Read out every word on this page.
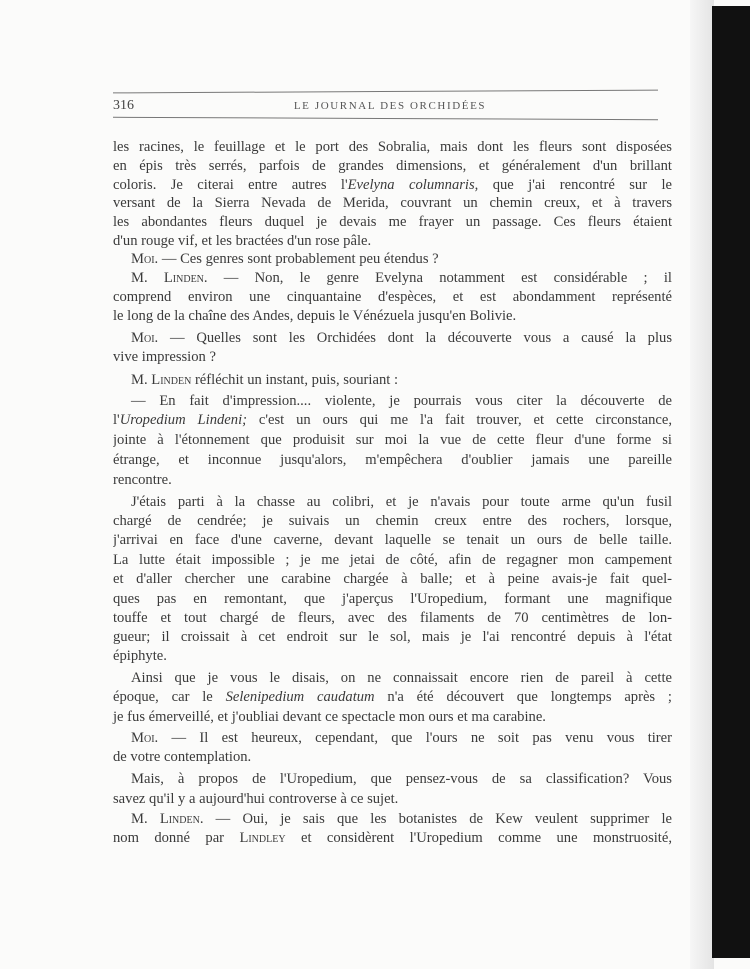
316	LE JOURNAL DES ORCHIDÉES
les racines, le feuillage et le port des Sobralia, mais dont les fleurs sont disposées
en épis très serrés, parfois de grandes dimensions, et généralement d'un brillant
coloris. Je citerai entre autres l'Evelyna columnaris, que j'ai rencontré sur le
versant de la Sierra Nevada de Merida, couvrant un chemin creux, et à travers
les abondantes fleurs duquel je devais me frayer un passage. Ces fleurs étaient
d'un rouge vif, et les bractées d'un rose pâle.
Moi. — Ces genres sont probablement peu étendus ?
M. Linden. — Non, le genre Evelyna notamment est considérable ; il
comprend environ une cinquantaine d'espèces, et est abondamment représenté
le long de la chaîne des Andes, depuis le Vénézuela jusqu'en Bolivie.
Moi. — Quelles sont les Orchidées dont la découverte vous a causé la plus
vive impression ?
M. Linden réfléchit un instant, puis, souriant :
— En fait d'impression.... violente, je pourrais vous citer la découverte de
l'Uropedium Lindeni; c'est un ours qui me l'a fait trouver, et cette circonstance,
jointe à l'étonnement que produisit sur moi la vue de cette fleur d'une forme si
étrange, et inconnue jusqu'alors, m'empêchera d'oublier jamais une pareille
rencontre.
J'étais parti à la chasse au colibri, et je n'avais pour toute arme qu'un fusil
chargé de cendrée; je suivais un chemin creux entre des rochers, lorsque,
j'arrivai en face d'une caverne, devant laquelle se tenait un ours de belle taille.
La lutte était impossible ; je me jetai de côté, afin de regagner mon campement
et d'aller chercher une carabine chargée à balle; et à peine avais-je fait quel-
ques pas en remontant, que j'aperçus l'Uropedium, formant une magnifique
touffe et tout chargé de fleurs, avec des filaments de 70 centimètres de lon-
gueur; il croissait à cet endroit sur le sol, mais je l'ai rencontré depuis à l'état
épiphyte.
Ainsi que je vous le disais, on ne connaissait encore rien de pareil à cette
époque, car le Selenipedium caudatum n'a été découvert que longtemps après ;
je fus émerveillé, et j'oubliai devant ce spectacle mon ours et ma carabine.
Moi. — Il est heureux, cependant, que l'ours ne soit pas venu vous tirer
de votre contemplation.
Mais, à propos de l'Uropedium, que pensez-vous de sa classification? Vous
savez qu'il y a aujourd'hui controverse à ce sujet.
M. Linden. — Oui, je sais que les botanistes de Kew veulent supprimer le
nom donné par Lindley et considèrent l'Uropedium comme une monstruosité,
